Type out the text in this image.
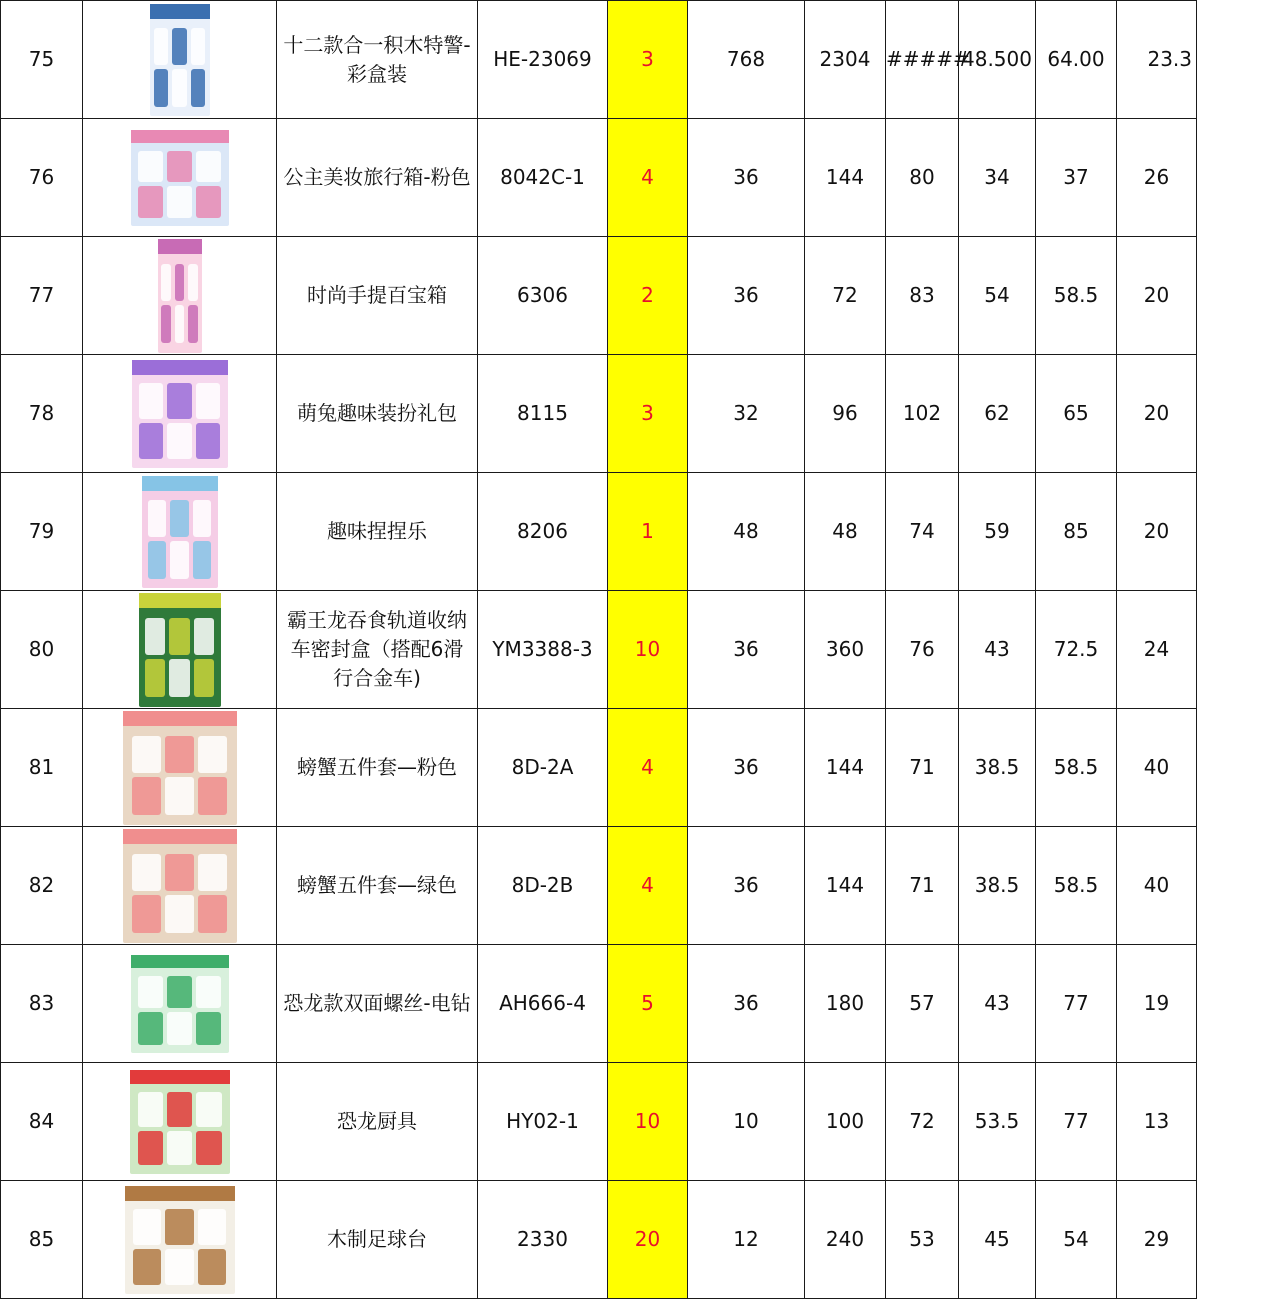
75		十二款合一积木特警-彩盒装	HE-23069	3	768	2304	#####	48.500	64.00	23.3
76		公主美妆旅行箱-粉色	8042C-1	4	36	144	80	34	37	26
77		时尚手提百宝箱	6306	2	36	72	83	54	58.5	20
78		萌兔趣味装扮礼包	8115	3	32	96	102	62	65	20
79		趣味捏捏乐	8206	1	48	48	74	59	85	20
80		霸王龙吞食轨道收纳车密封盒（搭配6滑行合金车)	YM3388-3	10	36	360	76	43	72.5	24
81		螃蟹五件套—粉色	8D-2A	4	36	144	71	38.5	58.5	40
82		螃蟹五件套—绿色	8D-2B	4	36	144	71	38.5	58.5	40
83		恐龙款双面螺丝-电钻	AH666-4	5	36	180	57	43	77	19
84		恐龙厨具	HY02-1	10	10	100	72	53.5	77	13
85		木制足球台	2330	20	12	240	53	45	54	29
